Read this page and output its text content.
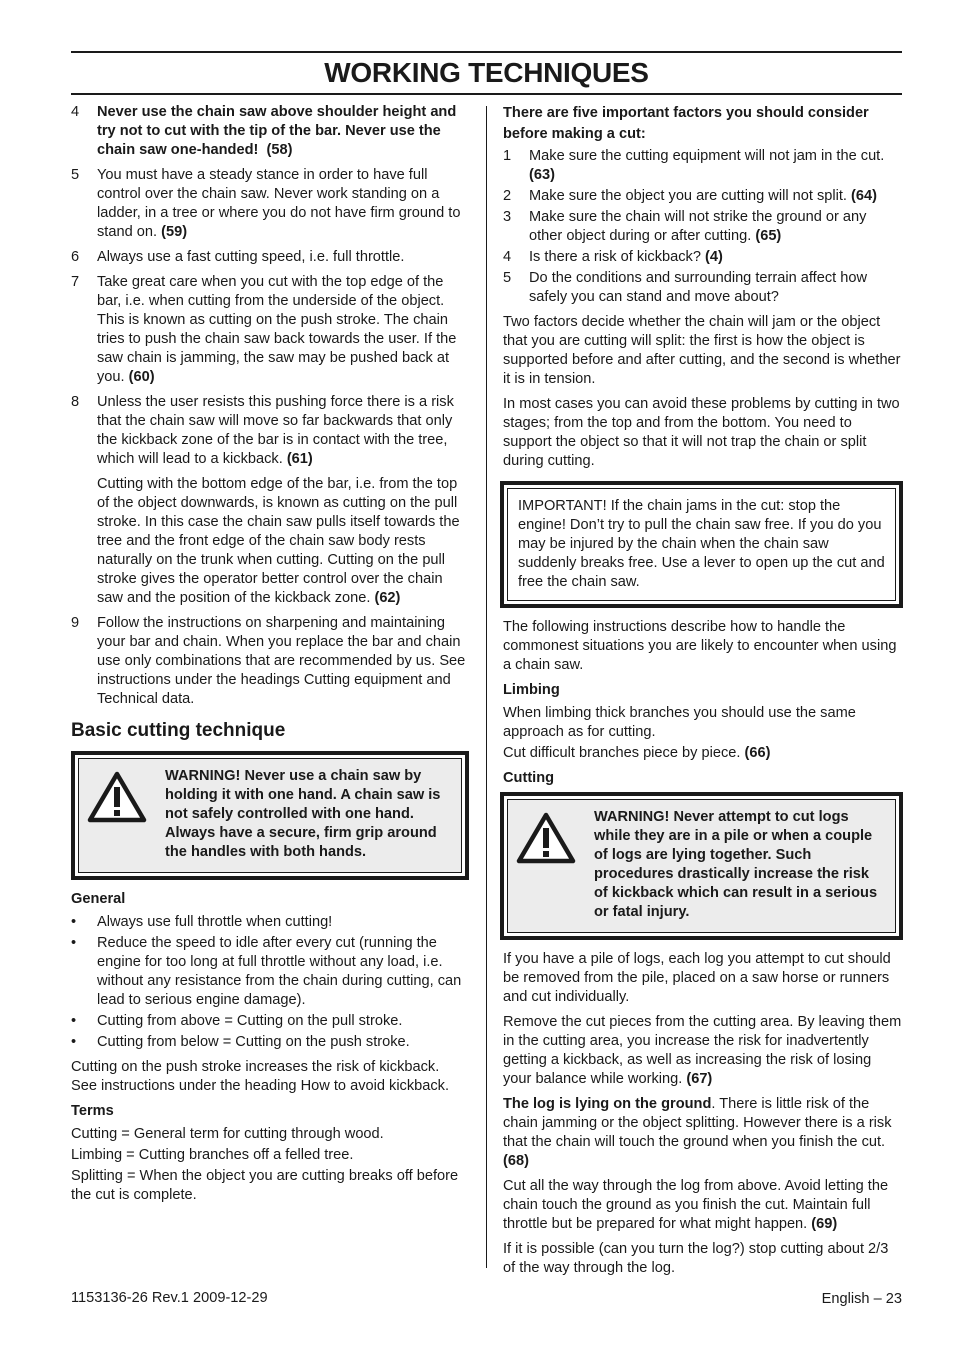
WORKING TECHNIQUES
4	Never use the chain saw above shoulder height and try not to cut with the tip of the bar. Never use the chain saw one-handed! (58)
5	You must have a steady stance in order to have full control over the chain saw. Never work standing on a ladder, in a tree or where you do not have firm ground to stand on. (59)
6	Always use a fast cutting speed, i.e. full throttle.
7	Take great care when you cut with the top edge of the bar, i.e. when cutting from the underside of the object. This is known as cutting on the push stroke. The chain tries to push the chain saw back towards the user. If the saw chain is jamming, the saw may be pushed back at you. (60)
8	Unless the user resists this pushing force there is a risk that the chain saw will move so far backwards that only the kickback zone of the bar is in contact with the tree, which will lead to a kickback. (61)
Cutting with the bottom edge of the bar, i.e. from the top of the object downwards, is known as cutting on the pull stroke. In this case the chain saw pulls itself towards the tree and the front edge of the chain saw body rests naturally on the trunk when cutting. Cutting on the pull stroke gives the operator better control over the chain saw and the position of the kickback zone. (62)
9	Follow the instructions on sharpening and maintaining your bar and chain. When you replace the bar and chain use only combinations that are recommended by us. See instructions under the headings Cutting equipment and Technical data.
Basic cutting technique
WARNING! Never use a chain saw by holding it with one hand. A chain saw is not safely controlled with one hand. Always have a secure, firm grip around the handles with both hands.
General
•	Always use full throttle when cutting!
•	Reduce the speed to idle after every cut (running the engine for too long at full throttle without any load, i.e. without any resistance from the chain during cutting, can lead to serious engine damage).
•	Cutting from above = Cutting on the pull stroke.
•	Cutting from below = Cutting on the push stroke.

Cutting on the push stroke increases the risk of kickback. See instructions under the heading How to avoid kickback.

Terms

Cutting = General term for cutting through wood.

Limbing = Cutting branches off a felled tree.

Splitting = When the object you are cutting breaks off before the cut is complete.

There are five important factors you should consider before making a cut:

1	Make sure the cutting equipment will not jam in the cut. (63)
2	Make sure the object you are cutting will not split. (64)
3	Make sure the chain will not strike the ground or any other object during or after cutting. (65)
4	Is there a risk of kickback? (4)
5	Do the conditions and surrounding terrain affect how safely you can stand and move about?

Two factors decide whether the chain will jam or the object that you are cutting will split: the first is how the object is supported before and after cutting, and the second is whether it is in tension.

In most cases you can avoid these problems by cutting in two stages; from the top and from the bottom. You need to support the object so that it will not trap the chain or split during cutting.

IMPORTANT! If the chain jams in the cut: stop the engine! Don’t try to pull the chain saw free. If you do you may be injured by the chain when the chain saw suddenly breaks free. Use a lever to open up the cut and free the chain saw.

The following instructions describe how to handle the commonest situations you are likely to encounter when using a chain saw.

Limbing

When limbing thick branches you should use the same approach as for cutting.

Cut difficult branches piece by piece. (66)

Cutting
WARNING! Never attempt to cut logs while they are in a pile or when a couple of logs are lying together. Such procedures drastically increase the risk of kickback which can result in a serious or fatal injury.

If you have a pile of logs, each log you attempt to cut should be removed from the pile, placed on a saw horse or runners and cut individually.

Remove the cut pieces from the cutting area. By leaving them in the cutting area, you increase the risk for inadvertently getting a kickback, as well as increasing the risk of losing your balance while working. (67)

The log is lying on the ground. There is little risk of the chain jamming or the object splitting. However there is a risk that the chain will touch the ground when you finish the cut. (68)

Cut all the way through the log from above. Avoid letting the chain touch the ground as you finish the cut. Maintain full throttle but be prepared for what might happen. (69)

If it is possible (can you turn the log?) stop cutting about 2/3 of the way through the log.

1153136-26 Rev.1 2009-12-29	English – 23
